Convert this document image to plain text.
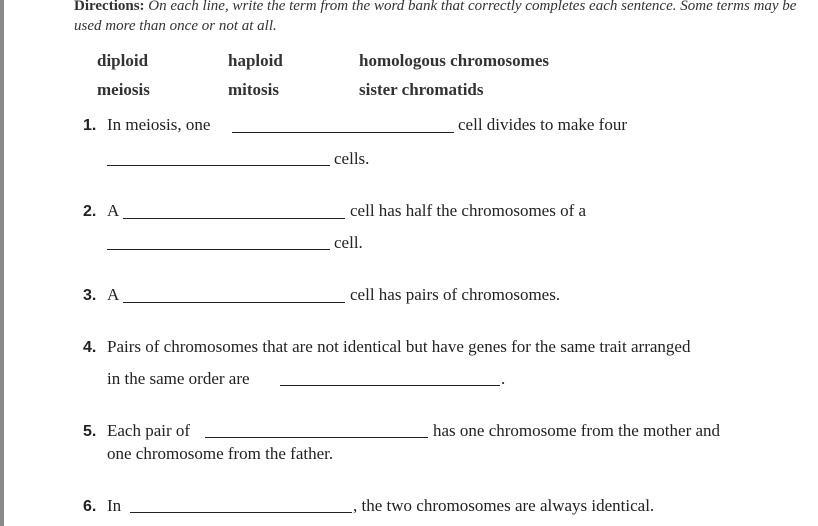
Directions: On each line, write the term from the word bank that correctly completes each sentence. Some terms may be used more than once or not at all.
diploid	haploid	homologous chromosomes
meiosis	mitosis	sister chromatids
1. In meiosis, one	cell divides to make four
cells.
2. A	cell has half the chromosomes of a
cell.
3. A	cell has pairs of chromosomes.
4. Pairs of chromosomes that are not identical but have genes for the same trait arranged
in the same order are	.
5. Each pair of	has one chromosome from the mother and
one chromosome from the father.
6. In	, the two chromosomes are always identical.
